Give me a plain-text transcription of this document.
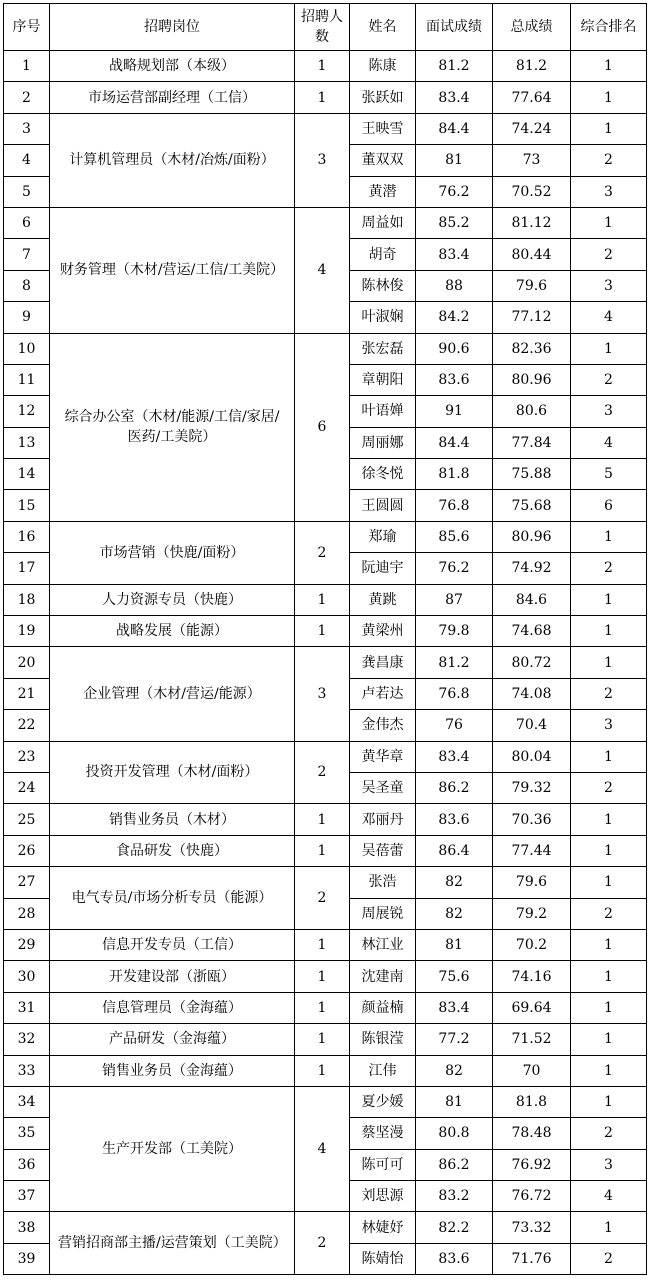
序号	招聘岗位	招聘人数	姓名	面试成绩	总成绩	综合排名
1	战略规划部（本级）	1	陈康	81.2	81.2	1
2	市场运营部副经理（工信）	1	张跃如	83.4	77.64	1
3	计算机管理员（木材/冶炼/面粉）	3	王映雪	84.4	74.24	1
4			董双双	81	73	2
5			黄潜	76.2	70.52	3
6	财务管理（木材/营运/工信/工美院）	4	周益如	85.2	81.12	1
7			胡奇	83.4	80.44	2
8			陈林俊	88	79.6	3
9			叶淑娴	84.2	77.12	4
10	综合办公室（木材/能源/工信/家居/医药/工美院）	6	张宏磊	90.6	82.36	1
11			章朝阳	83.6	80.96	2
12			叶语婵	91	80.6	3
13			周丽娜	84.4	77.84	4
14			徐冬悦	81.8	75.88	5
15			王圆圆	76.8	75.68	6
16	市场营销（快鹿/面粉）	2	郑瑜	85.6	80.96	1
17			阮迪宇	76.2	74.92	2
18	人力资源专员（快鹿）	1	黄跳	87	84.6	1
19	战略发展（能源）	1	黄梁州	79.8	74.68	1
20	企业管理（木材/营运/能源）	3	龚昌康	81.2	80.72	1
21			卢若达	76.8	74.08	2
22			金伟杰	76	70.4	3
23	投资开发管理（木材/面粉）	2	黄华章	83.4	80.04	1
24			吴圣童	86.2	79.32	2
25	销售业务员（木材）	1	邓丽丹	83.6	70.36	1
26	食品研发（快鹿）	1	吴蓓蕾	86.4	77.44	1
27	电气专员/市场分析专员（能源）	2	张浩	82	79.6	1
28			周展锐	82	79.2	2
29	信息开发专员（工信）	1	林江业	81	70.2	1
30	开发建设部（浙瓯）	1	沈建南	75.6	74.16	1
31	信息管理员（金海蕴）	1	颜益楠	83.4	69.64	1
32	产品研发（金海蕴）	1	陈银滢	77.2	71.52	1
33	销售业务员（金海蕴）	1	江伟	82	70	1
34	生产开发部（工美院）	4	夏少媛	81	81.8	1
35			蔡坚漫	80.8	78.48	2
36			陈可可	86.2	76.92	3
37			刘思源	83.2	76.72	4
38	营销招商部主播/运营策划（工美院）	2	林婕妤	82.2	73.32	1
39			陈婧怡	83.6	71.76	2
